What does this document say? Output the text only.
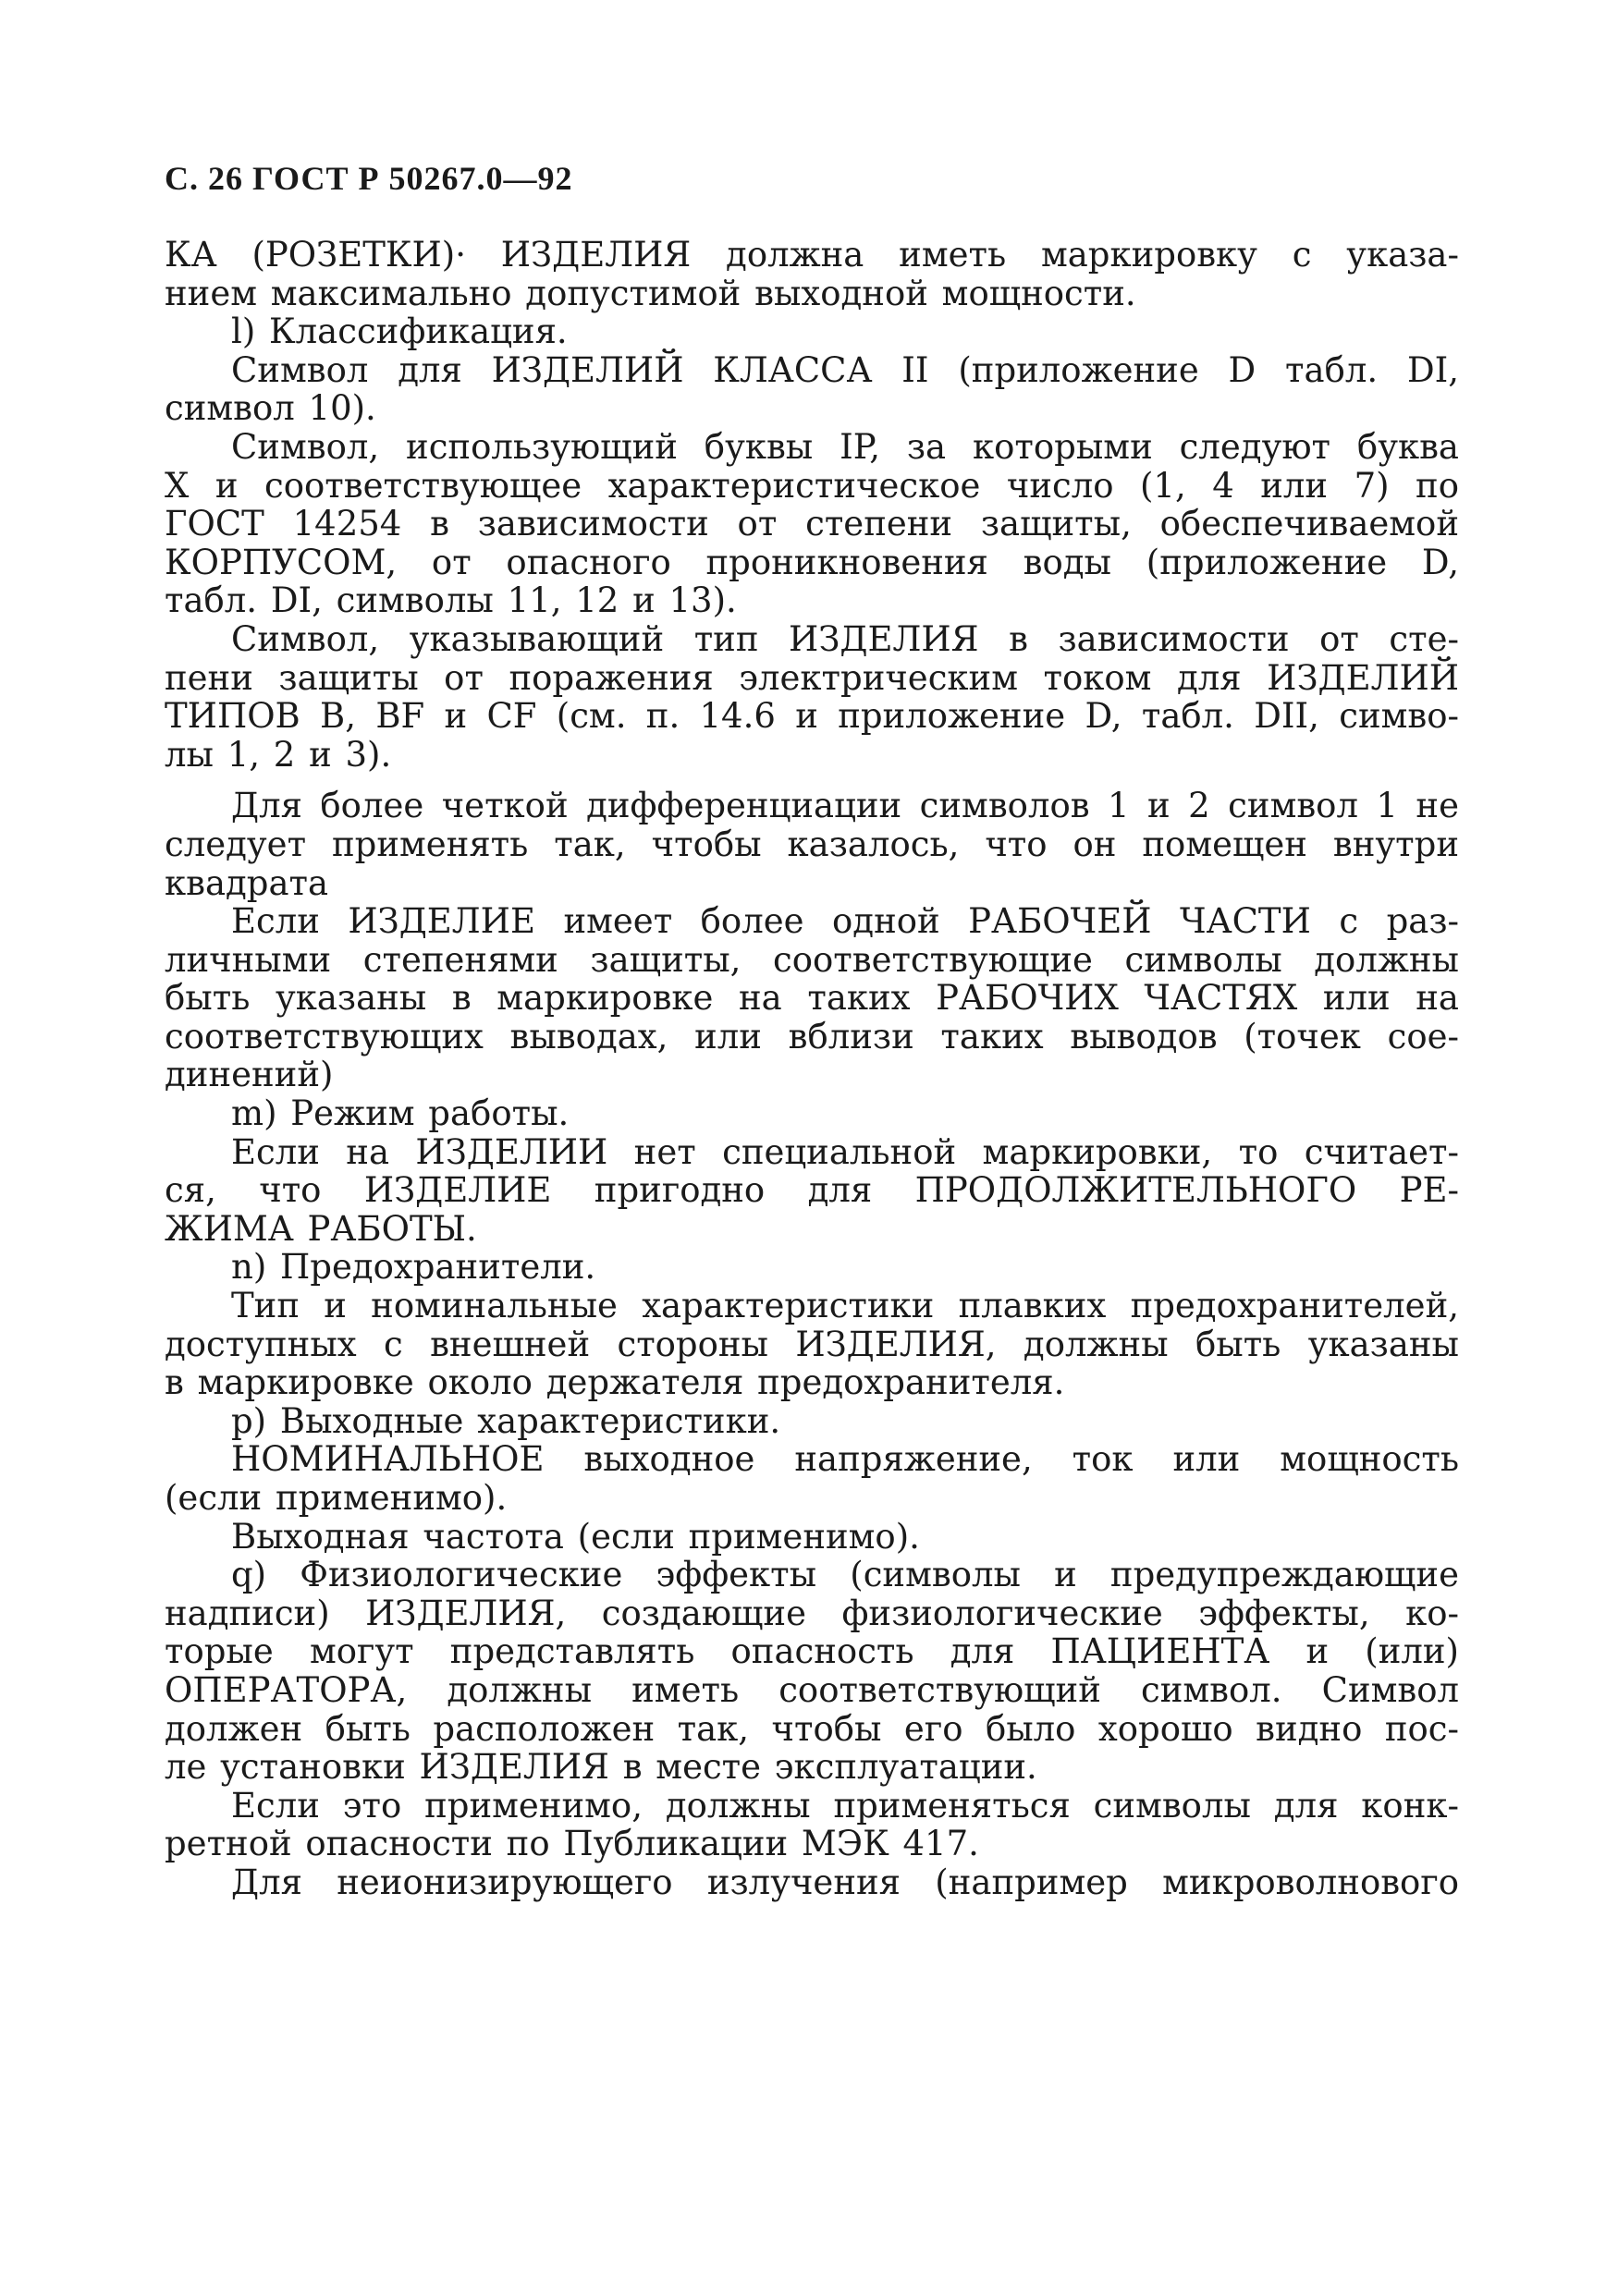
С. 26 ГОСТ Р 50267.0—92
КА (РОЗЕТКИ)· ИЗДЕЛИЯ должна иметь маркировку с указа-
нием максимально допустимой выходной мощности.
l) Классификация.
Символ для ИЗДЕЛИЙ КЛАССА II (приложение D табл. DI,
символ 10).
Символ, использующий буквы IP, за которыми следуют буква
X и соответствующее характеристическое число (1, 4 или 7) по
ГОСТ 14254 в зависимости от степени защиты, обеспечиваемой
КОРПУСОМ, от опасного проникновения воды (приложение D,
табл. DI, символы 11, 12 и 13).
Символ, указывающий тип ИЗДЕЛИЯ в зависимости от сте-
пени защиты от поражения электрическим током для ИЗДЕЛИЙ
ТИПОВ В, BF и CF (см. п. 14.6 и приложение D, табл. DII, симво-
лы 1, 2 и 3).
Для более четкой дифференциации символов 1 и 2 символ 1 не
следует применять так, чтобы казалось, что он помещен внутри
квадрата
Если ИЗДЕЛИЕ имеет более одной РАБОЧЕЙ ЧАСТИ с раз-
личными степенями защиты, соответствующие символы должны
быть указаны в маркировке на таких РАБОЧИХ ЧАСТЯХ или на
соответствующих выводах, или вблизи таких выводов (точек сое-
динений)
m) Режим работы.
Если на ИЗДЕЛИИ нет специальной маркировки, то считает-
ся, что ИЗДЕЛИЕ пригодно для ПРОДОЛЖИТЕЛЬНОГО РЕ-
ЖИМА РАБОТЫ.
n) Предохранители.
Тип и номинальные характеристики плавких предохранителей,
доступных с внешней стороны ИЗДЕЛИЯ, должны быть указаны
в маркировке около держателя предохранителя.
p) Выходные характеристики.
НОМИНАЛЬНОЕ выходное напряжение, ток или мощность
(если применимо).
Выходная частота (если применимо).
q) Физиологические эффекты (символы и предупреждающие
надписи) ИЗДЕЛИЯ, создающие физиологические эффекты, ко-
торые могут представлять опасность для ПАЦИЕНТА и (или)
ОПЕРАТОРА, должны иметь соответствующий символ. Символ
должен быть расположен так, чтобы его было хорошо видно пос-
ле установки ИЗДЕЛИЯ в месте эксплуатации.
Если это применимо, должны применяться символы для конк-
ретной опасности по Публикации МЭК 417.
Для неионизирующего излучения (например микроволнового
